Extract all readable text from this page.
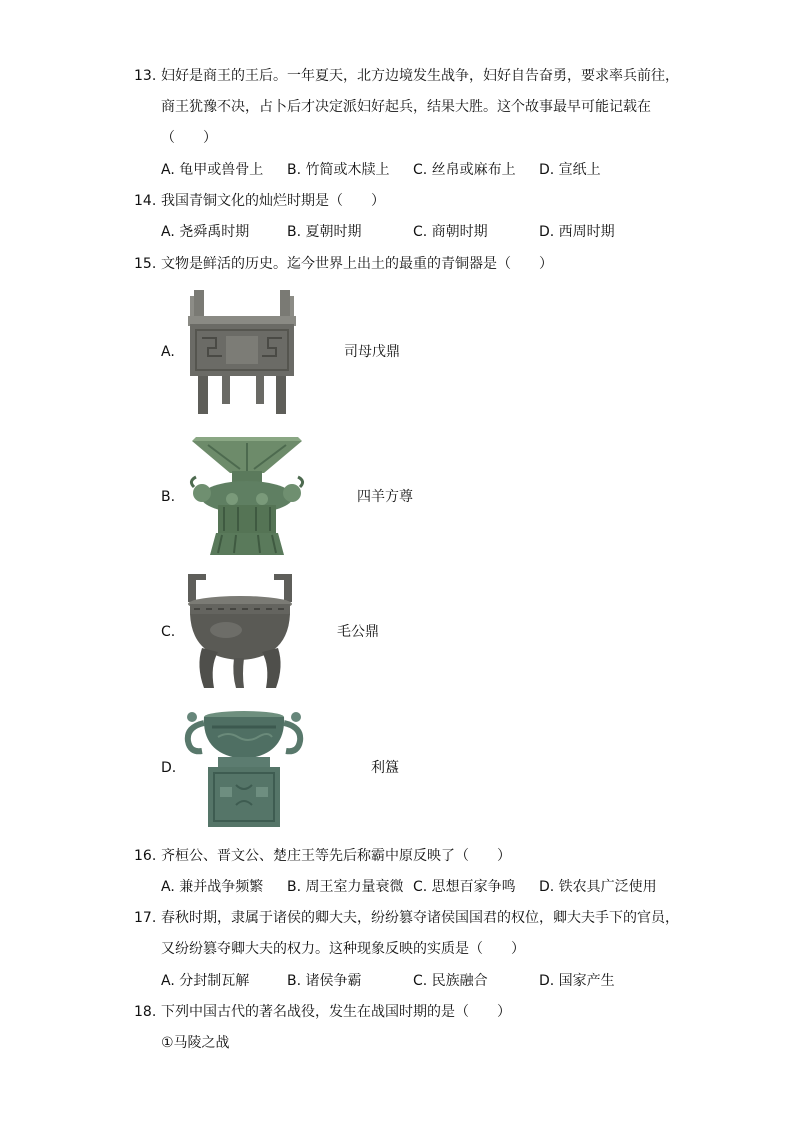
13. 妇好是商王的王后。一年夏天，北方边境发生战争，妇好自告奋勇，要求率兵前往，
商王犹豫不决，占卜后才决定派妇好起兵，结果大胜。这个故事最早可能记载在
（　　）
A. 龟甲或兽骨上 B. 竹简或木牍上 C. 丝帛或麻布上 D. 宣纸上
14. 我国青铜文化的灿烂时期是（　　）
A. 尧舜禹时期	B. 夏朝时期	C. 商朝时期	D. 西周时期
15. 文物是鲜活的历史。迄今世界上出土的最重的青铜器是（　　）
A.	司母戊鼎
B.	四羊方尊
C.	毛公鼎
D.	利簋
16. 齐桓公、晋文公、楚庄王等先后称霸中原反映了（　　）
A. 兼并战争频繁 B. 周王室力量衰微 C. 思想百家争鸣 D. 铁农具广泛使用
17. 春秋时期，隶属于诸侯的卿大夫，纷纷篡夺诸侯国国君的权位，卿大夫手下的官员，
又纷纷篡夺卿大夫的权力。这种现象反映的实质是（　　）
A. 分封制瓦解	B. 诸侯争霸	C. 民族融合	D. 国家产生
18. 下列中国古代的著名战役，发生在战国时期的是（　　）
①马陵之战
